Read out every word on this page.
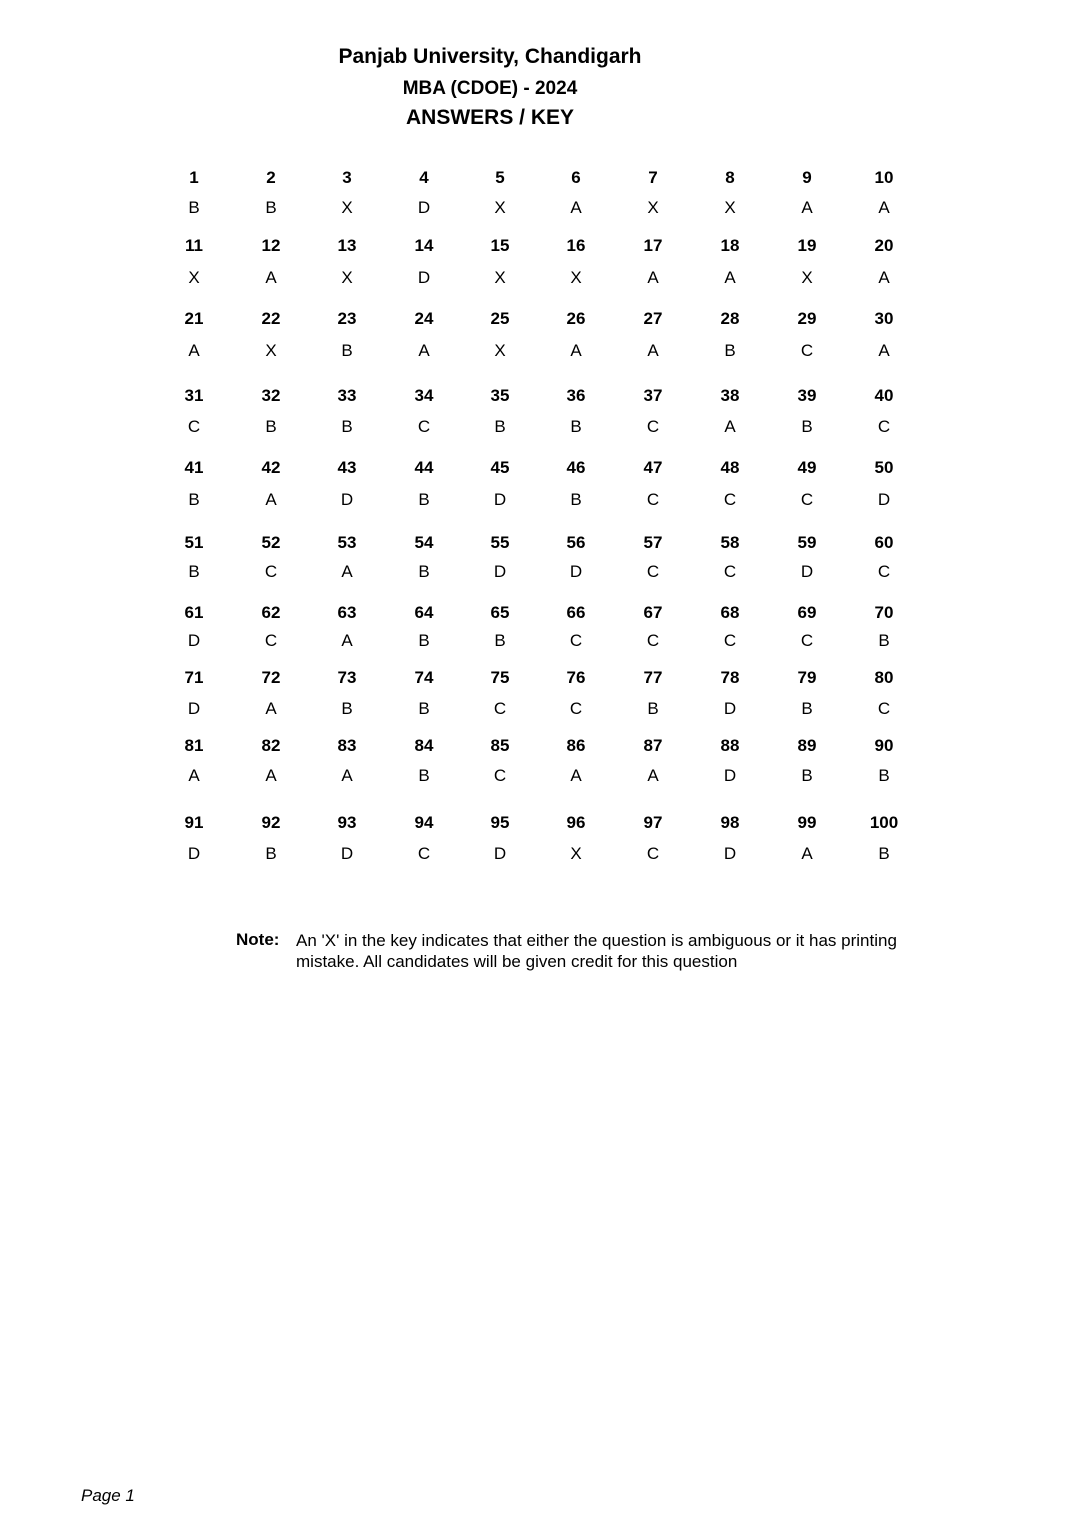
Panjab University, Chandigarh
MBA (CDOE) - 2024
ANSWERS / KEY
1	2	3	4	5	6	7	8	9	10
B	B	X	D	X	A	X	X	A	A
11	12	13	14	15	16	17	18	19	20
X	A	X	D	X	X	A	A	X	A
21	22	23	24	25	26	27	28	29	30
A	X	B	A	X	A	A	B	C	A
31	32	33	34	35	36	37	38	39	40
C	B	B	C	B	B	C	A	B	C
41	42	43	44	45	46	47	48	49	50
B	A	D	B	D	B	C	C	C	D
51	52	53	54	55	56	57	58	59	60
B	C	A	B	D	D	C	C	D	C
61	62	63	64	65	66	67	68	69	70
D	C	A	B	B	C	C	C	C	B
71	72	73	74	75	76	77	78	79	80
D	A	B	B	C	C	B	D	B	C
81	82	83	84	85	86	87	88	89	90
A	A	A	B	C	A	A	D	B	B
91	92	93	94	95	96	97	98	99	100
D	B	D	C	D	X	C	D	A	B
Note: An 'X' in the key indicates that either the question is ambiguous or it has printing mistake. All candidates will be given credit for this question
Page 1
